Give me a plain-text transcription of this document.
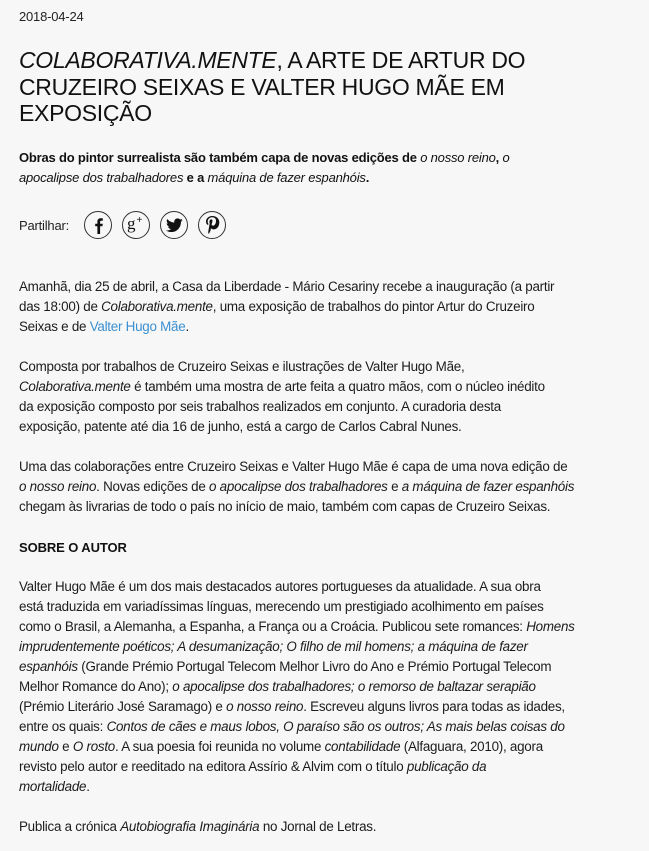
2018-04-24
COLABORATIVA.MENTE, A ARTE DE ARTUR DO
CRUZEIRO SEIXAS E VALTER HUGO MÃE EM
EXPOSIÇÃO

Obras do pintor surrealista são também capa de novas edições de o nosso reino, o
apocalipse dos trabalhadores e a máquina de fazer espanhóis.

Partilhar:	g +

Amanhã, dia 25 de abril, a Casa da Liberdade - Mário Cesariny recebe a inauguração (a partir
das 18:00) de Colaborativa.mente, uma exposição de trabalhos do pintor Artur do Cruzeiro
Seixas e de Valter Hugo Mãe.

Composta por trabalhos de Cruzeiro Seixas e ilustrações de Valter Hugo Mãe,
Colaborativa.mente é também uma mostra de arte feita a quatro mãos, com o núcleo inédito
da exposição composto por seis trabalhos realizados em conjunto. A curadoria desta
exposição, patente até dia 16 de junho, está a cargo de Carlos Cabral Nunes.

Uma das colaborações entre Cruzeiro Seixas e Valter Hugo Mãe é capa de uma nova edição de
o nosso reino. Novas edições de o apocalipse dos trabalhadores e a máquina de fazer espanhóis
chegam às livrarias de todo o país no início de maio, também com capas de Cruzeiro Seixas.

SOBRE O AUTOR

Valter Hugo Mãe é um dos mais destacados autores portugueses da atualidade. A sua obra
está traduzida em variadíssimas línguas, merecendo um prestigiado acolhimento em países
como o Brasil, a Alemanha, a Espanha, a França ou a Croácia. Publicou sete romances: Homens
imprudentemente poéticos; A desumanização; O filho de mil homens; a máquina de fazer
espanhóis (Grande Prémio Portugal Telecom Melhor Livro do Ano e Prémio Portugal Telecom
Melhor Romance do Ano); o apocalipse dos trabalhadores; o remorso de baltazar serapião
(Prémio Literário José Saramago) e o nosso reino. Escreveu alguns livros para todas as idades,
entre os quais: Contos de cães e maus lobos, O paraíso são os outros; As mais belas coisas do
mundo e O rosto. A sua poesia foi reunida no volume contabilidade (Alfaguara, 2010), agora
revisto pelo autor e reeditado na editora Assírio & Alvim com o título publicação da
mortalidade.

Publica a crónica Autobiografia Imaginária no Jornal de Letras.
